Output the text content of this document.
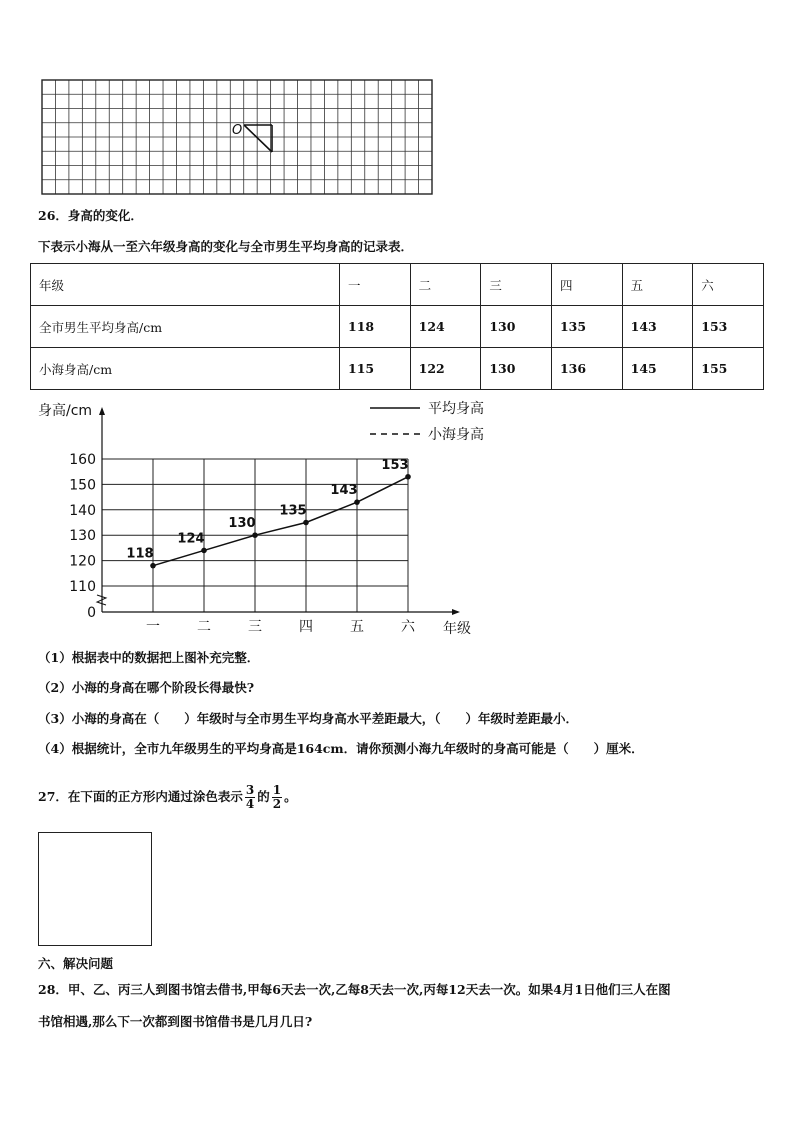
O
26．身高的变化．
下表示小海从一至六年级身高的变化与全市男生平均身高的记录表．
年级	一	二	三	四	五	六
全市男生平均身高/cm	118	124	130	135	143	153
小海身高/cm	115	122	130	136	145	155
身高/cm
年级
平均身高
小海身高
0
110
120
130
140
150
160
一	二	三	四	五	六
118
124
130
135
143
153
（1）根据表中的数据把上图补充完整．
（2）小海的身高在哪个阶段长得最快?
（3）小海的身高在（　　）年级时与全市男生平均身高水平差距最大，（　　）年级时差距最小．
（4）根据统计，全市九年级男生的平均身高是164cm．请你预测小海九年级时的身高可能是（　　）厘米．
27．在下面的正方形内通过涂色表示 $\frac{3}{4}$ 的 $\frac{1}{2}$ 。
六、解决问题
28．甲、乙、丙三人到图书馆去借书,甲每6天去一次,乙每8天去一次,丙每12天去一次。如果4月1日他们三人在图
书馆相遇,那么下一次都到图书馆借书是几月几日?
